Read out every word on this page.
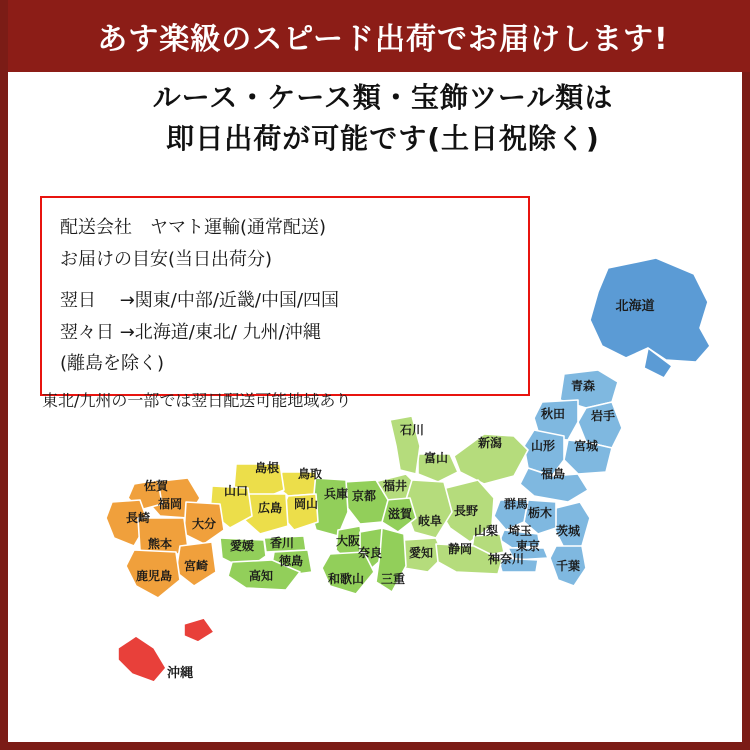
あす楽級のスピード出荷でお届けします!
ルース・ケース類・宝飾ツール類は
即日出荷が可能です(土日祝除く)
北海道
青森
秋田 岩手
山形 宮城
新潟
福島
石川
富山
群馬
栃木
茨城
長野
岐阜
山梨 埼玉
東京
千葉
神奈川
静岡
愛知
三重
福井
滋賀
京都
兵庫
大阪
奈良
和歌山
岡山
鳥取
島根
広島
山口
香川
徳島
愛媛
高知
福岡
佐賀
長崎	大分
熊本
宮崎
鹿児島
沖縄
配送会社　ヤマト運輸(通常配送)
お届けの目安(当日出荷分)
翌日　 →関東/中部/近畿/中国/四国
翌々日 →北海道/東北/ 九州/沖縄
(離島を除く)
東北/九州の一部では翌日配送可能地域あり
